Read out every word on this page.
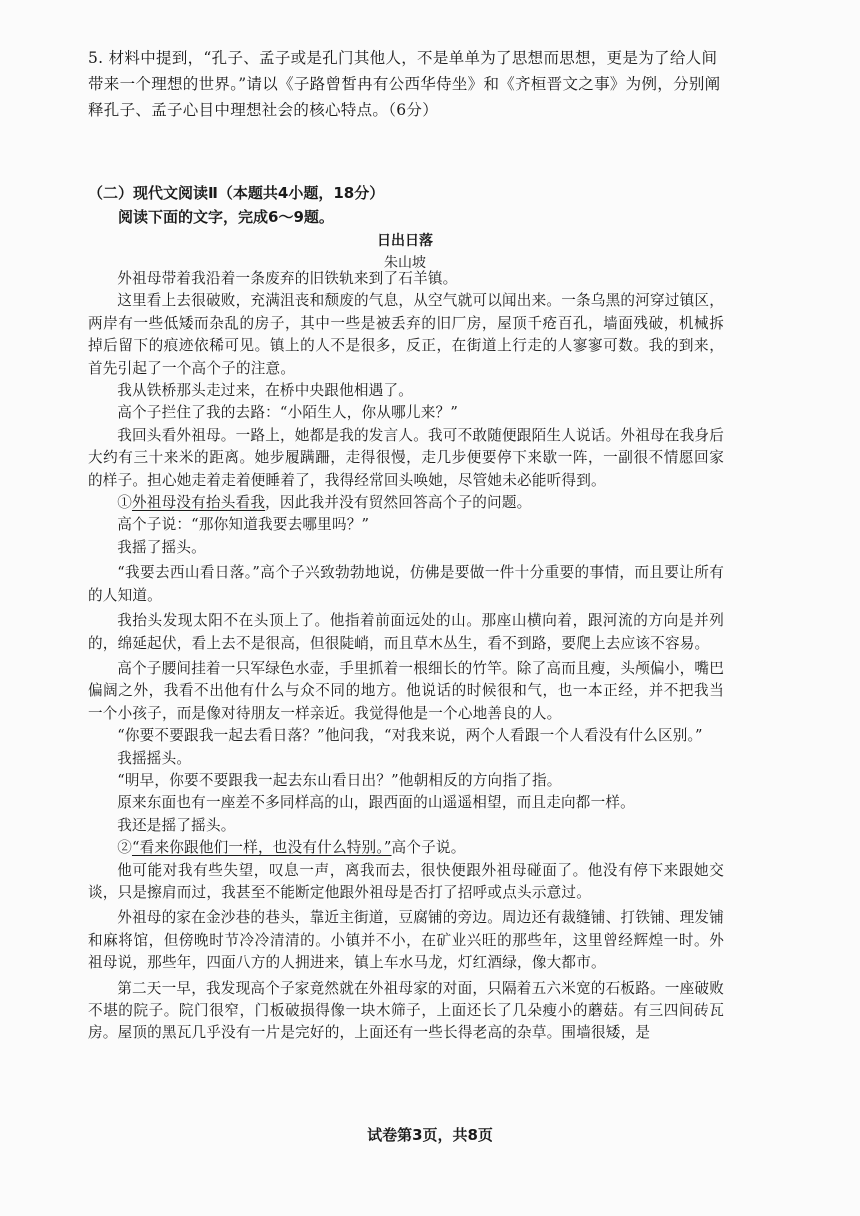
5. 材料中提到，“孔子、孟子或是孔门其他人，不是单单为了思想而思想，更是为了给人间带来一个理想的世界。”请以《子路曾皙冉有公西华侍坐》和《齐桓晋文之事》为例，分别阐释孔子、孟子心目中理想社会的核心特点。（6分）
（二）现代文阅读Ⅱ（本题共4小题，18分）
阅读下面的文字，完成6～9题。
日出日落
朱山坡

外祖母带着我沿着一条废弃的旧铁轨来到了石羊镇。

这里看上去很破败，充满沮丧和颓废的气息，从空气就可以闻出来。一条乌黑的河穿过镇区，两岸有一些低矮而杂乱的房子，其中一些是被丢弃的旧厂房，屋顶千疮百孔，墙面残破，机械拆掉后留下的痕迹依稀可见。镇上的人不是很多，反正，在街道上行走的人寥寥可数。我的到来，首先引起了一个高个子的注意。

我从铁桥那头走过来，在桥中央跟他相遇了。

高个子拦住了我的去路：“小陌生人，你从哪儿来？”

我回头看外祖母。一路上，她都是我的发言人。我可不敢随便跟陌生人说话。外祖母在我身后大约有三十来米的距离。她步履蹒跚，走得很慢，走几步便要停下来歇一阵，一副很不情愿回家的样子。担心她走着走着便睡着了，我得经常回头唤她，尽管她未必能听得到。

①外祖母没有抬头看我，因此我并没有贸然回答高个子的问题。

高个子说：“那你知道我要去哪里吗？”

我摇了摇头。

“我要去西山看日落。”高个子兴致勃勃地说，仿佛是要做一件十分重要的事情，而且要让所有的人知道。

我抬头发现太阳不在头顶上了。他指着前面远处的山。那座山横向着，跟河流的方向是并列的，绵延起伏，看上去不是很高，但很陡峭，而且草木丛生，看不到路，要爬上去应该不容易。

高个子腰间挂着一只军绿色水壶，手里抓着一根细长的竹竿。除了高而且瘦，头颅偏小，嘴巴偏阔之外，我看不出他有什么与众不同的地方。他说话的时候很和气，也一本正经，并不把我当一个小孩子，而是像对待朋友一样亲近。我觉得他是一个心地善良的人。

“你要不要跟我一起去看日落？”他问我，“对我来说，两个人看跟一个人看没有什么区别。”

我摇摇头。

“明早，你要不要跟我一起去东山看日出？”他朝相反的方向指了指。

原来东面也有一座差不多同样高的山，跟西面的山遥遥相望，而且走向都一样。

我还是摇了摇头。

②“看来你跟他们一样，也没有什么特别。”高个子说。

他可能对我有些失望，叹息一声，离我而去，很快便跟外祖母碰面了。他没有停下来跟她交谈，只是擦肩而过，我甚至不能断定他跟外祖母是否打了招呼或点头示意过。

外祖母的家在金沙巷的巷头，靠近主街道，豆腐铺的旁边。周边还有裁缝铺、打铁铺、理发铺和麻将馆，但傍晚时节冷冷清清的。小镇并不小，在矿业兴旺的那些年，这里曾经辉煌一时。外祖母说，那些年，四面八方的人拥进来，镇上车水马龙，灯红酒绿，像大都市。

第二天一早，我发现高个子家竟然就在外祖母家的对面，只隔着五六米宽的石板路。一座破败不堪的院子。院门很窄，门板破损得像一块木筛子，上面还长了几朵瘦小的蘑菇。有三四间砖瓦房。屋顶的黑瓦几乎没有一片是完好的，上面还有一些长得老高的杂草。围墙很矮，是

试卷第3页，共8页
